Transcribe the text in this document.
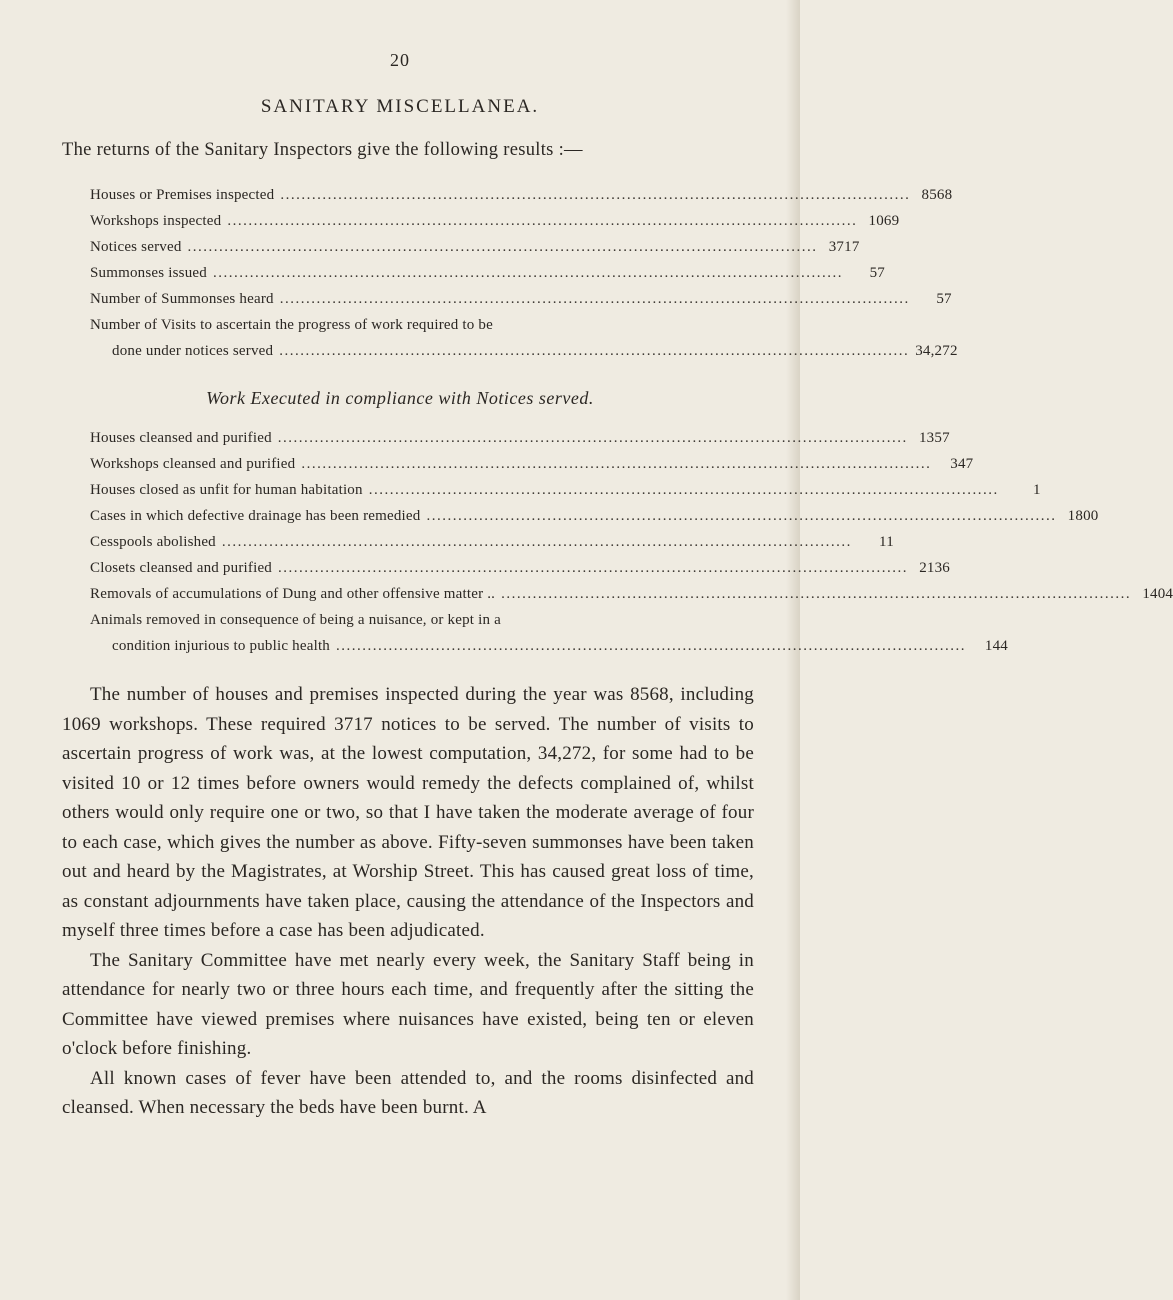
20
SANITARY MISCELLANEA.
The returns of the Sanitary Inspectors give the following results :—
Houses or Premises inspected ........................................................................................................................ 8568
Workshops inspected ........................................................................................................................ 1069
Notices served ........................................................................................................................ 3717
Summonses issued ........................................................................................................................	57
Number of Summonses heard ........................................................................................................................	57
Number of Visits to ascertain the progress of work required to be
done under notices served ........................................................................................................................ 34,272
Work Executed in compliance with Notices served.
Houses cleansed and purified ........................................................................................................................ 1357
Workshops cleansed and purified ........................................................................................................................	347
Houses closed as unfit for human habitation ........................................................................................................................	1
Cases in which defective drainage has been remedied ........................................................................................................................ 1800
Cesspools abolished ........................................................................................................................	11
Closets cleansed and purified ........................................................................................................................ 2136
Removals of accumulations of Dung and other offensive matter .. ........................................................................................................................ 1404
Animals removed in consequence of being a nuisance, or kept in a
condition injurious to public health ........................................................................................................................	144

The number of houses and premises inspected during the year was 8568, including 1069 workshops. These required 3717 notices to be served. The number of visits to ascertain progress of work was, at the lowest computation, 34,272, for some had to be visited 10 or 12 times before owners would remedy the defects complained of, whilst others would only require one or two, so that I have taken the moderate average of four to each case, which gives the number as above. Fifty-seven summonses have been taken out and heard by the Magistrates, at Worship Street. This has caused great loss of time, as constant adjournments have taken place, causing the attendance of the Inspectors and myself three times before a case has been adjudicated.

The Sanitary Committee have met nearly every week, the Sanitary Staff being in attendance for nearly two or three hours each time, and frequently after the sitting the Committee have viewed premises where nuisances have existed, being ten or eleven o'clock before finishing.

All known cases of fever have been attended to, and the rooms disinfected and cleansed. When necessary the beds have been burnt. A
